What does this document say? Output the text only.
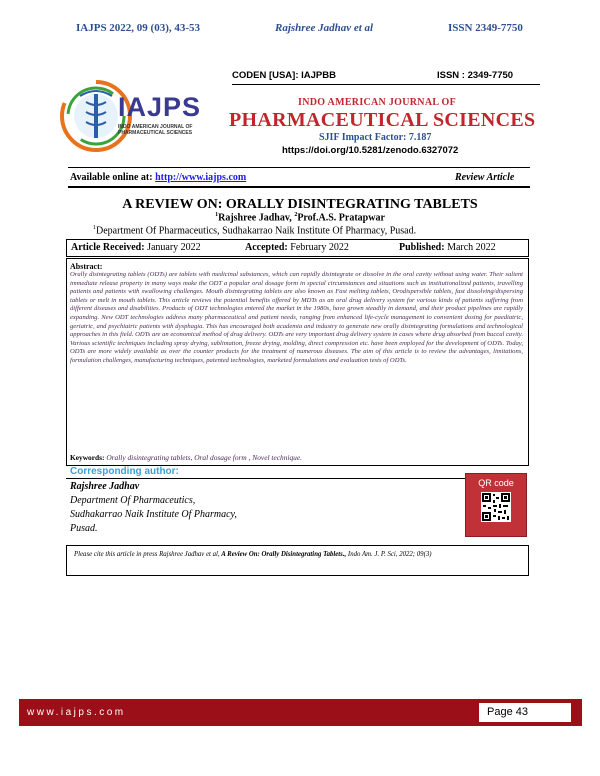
IAJPS 2022, 09 (03), 43-53	Rajshree Jadhav et al	ISSN 2349-7750
IAJPS
INDO AMERICAN JOURNAL OF PHARMACEUTICAL SCIENCES
CODEN [USA]: IAJPBB	ISSN : 2349-7750
INDO AMERICAN JOURNAL OF
PHARMACEUTICAL SCIENCES
SJIF Impact Factor: 7.187
https://doi.org/10.5281/zenodo.6327072
Available online at: http://www.iajps.com	Review Article
A REVIEW ON: ORALLY DISINTEGRATING TABLETS
$^1$Rajshree Jadhav, $^2$Prof.A.S. Pratapwar
$^1$Department Of Pharmaceutics, Sudhakarrao Naik Institute Of Pharmacy, Pusad.
Article Received: January 2022	Accepted: February 2022	Published: March 2022
Abstract:
Orally disintegrating tablets (ODTs) are tablets with medicinal substances, which can rapidly disintegrate or dissolve in the oral cavity without using water. Their salient immediate release property in many ways make the ODT a popular oral dosage form in special circumstances and situations such as institutionalized patients, travelling patients and patients with swallowing challenges. Mouth disintegrating tablets are also known as Fast melting tablets, Orodispersible tablets, fast dissolving/dispersing tablets or melt in mouth tablets. This article reviews the potential benefits offered by MDTs as an oral drug delivery system for various kinds of patients suffering from different diseases and disabilities. Products of ODT technologies entered the market in the 1980s, have grown steadily in demand, and their product pipelines are rapidly expanding. New ODT technologies address many pharmaceutical and patient needs, ranging from enhanced life-cycle management to convenient dosing for paediatric, geriatric, and psychiatric patients with dysphagia. This has encouraged both academia and industry to generate new orally disintegrating formulations and technological approaches in this field. ODTs are an economical method of drug delivery. ODTs are very important drug delivery system in cases where drug absorbed from buccal cavity. Various scientific techniques including spray drying, sublimation, freeze drying, molding, direct compression etc. have been employed for the development of ODTs. Today, ODTs are more widely available as over the counter products for the treatment of numerous diseases. The aim of this article is to review the advantages, limitations, formulation challenges, manufacturing techniques, patented technologies, marketed formulations and evaluation tests of ODTs.
Keywords: Orally disintegrating tablets, Oral dosage form , Novel technique.
Corresponding author:
Rajshree Jadhav
Department Of Pharmaceutics,
Sudhakarrao Naik Institute Of Pharmacy,
Pusad.
QR code
Please cite this article in press Rajshree Jadhav et al, A Review On: Orally Disintegrating Tablets., Indo Am. J. P. Sci, 2022; 09(3)
www.iajps.com	Page 43
